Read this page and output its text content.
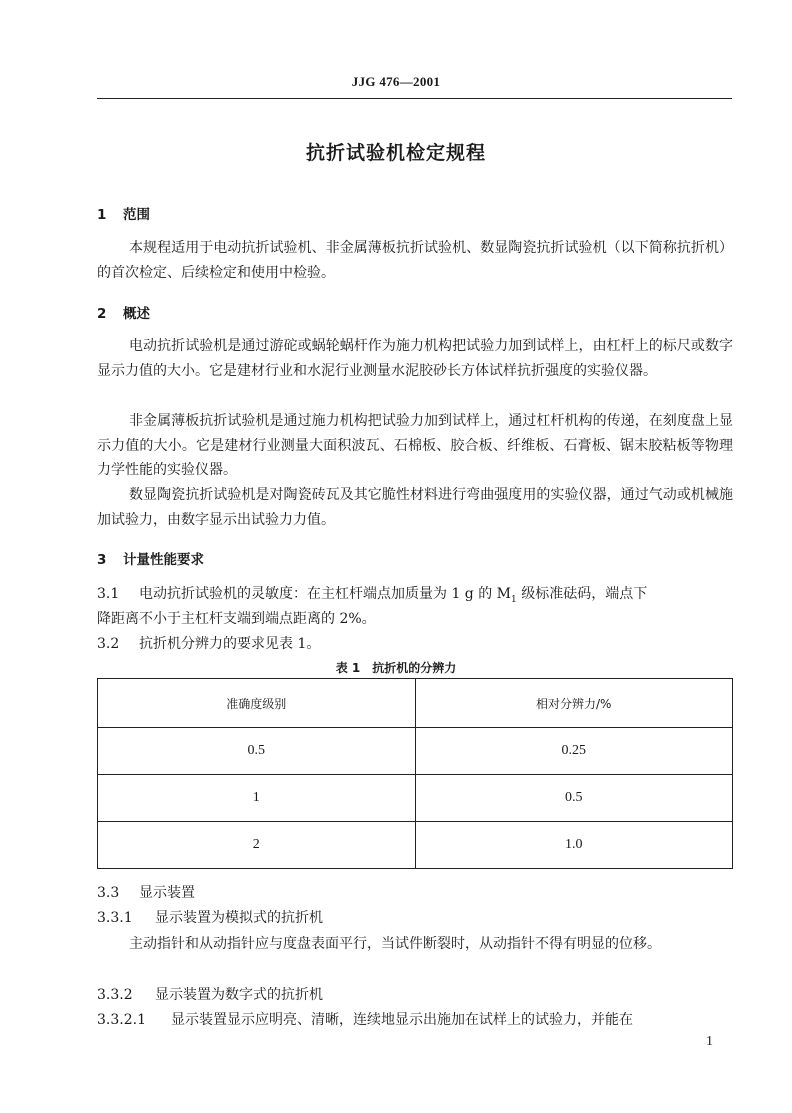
JJG 476—2001
抗折试验机检定规程
1 范围

本规程适用于电动抗折试验机、非金属薄板抗折试验机、数显陶瓷抗折试验机（以下简称抗折机）的首次检定、后续检定和使用中检验。

2 概述

电动抗折试验机是通过游砣或蜗轮蜗杆作为施力机构把试验力加到试样上，由杠杆上的标尺或数字显示力值的大小。它是建材行业和水泥行业测量水泥胶砂长方体试样抗折强度的实验仪器。

非金属薄板抗折试验机是通过施力机构把试验力加到试样上，通过杠杆机构的传递，在刻度盘上显示力值的大小。它是建材行业测量大面积波瓦、石棉板、胶合板、纤维板、石膏板、锯末胶粘板等物理力学性能的实验仪器。

数显陶瓷抗折试验机是对陶瓷砖瓦及其它脆性材料进行弯曲强度用的实验仪器，通过气动或机械施加试验力，由数字显示出试验力力值。

3 计量性能要求
3.1 电动抗折试验机的灵敏度：在主杠杆端点加质量为 1 g 的 $M_1$ 级标准砝码，端点下
降距离不小于主杠杆支端到端点距离的 2%。
3.2 抗折机分辨力的要求见表 1。
表 1　抗折机的分辨力
准确度级别	相对分辨力/%
0.5	0.25
1	0.5
2	1.0
3.3 显示装置
3.3.1 显示装置为模拟式的抗折机

主动指针和从动指针应与度盘表面平行，当试件断裂时，从动指针不得有明显的位移。

3.3.2 显示装置为数字式的抗折机
3.3.2.1 显示装置显示应明亮、清晰，连续地显示出施加在试样上的试验力，并能在
1
